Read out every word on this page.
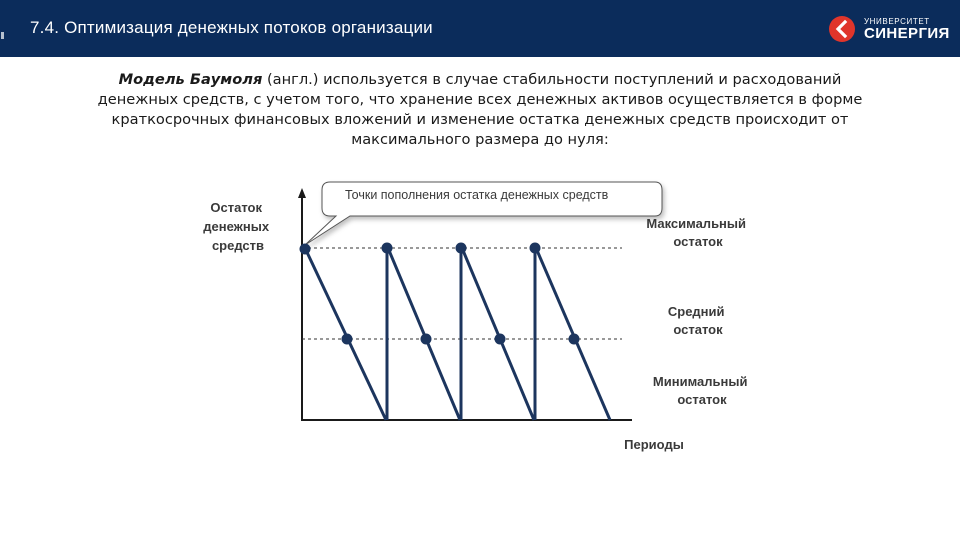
7.4. Оптимизация денежных потоков организации	УНИВЕРСИТЕТ
СИНЕРГИЯ
Модель Баумоля (англ.) используется в случае стабильности поступлений и расходований денежных средств, с учетом того, что хранение всех денежных активов осуществляется в форме краткосрочных финансовых вложений и изменение остатка денежных средств происходит от максимального размера до нуля:
Точки пополнения остатка денежных средств
Остаток денежных средств
Максимальный остаток
Средний остаток
Минимальный остаток
Периоды
